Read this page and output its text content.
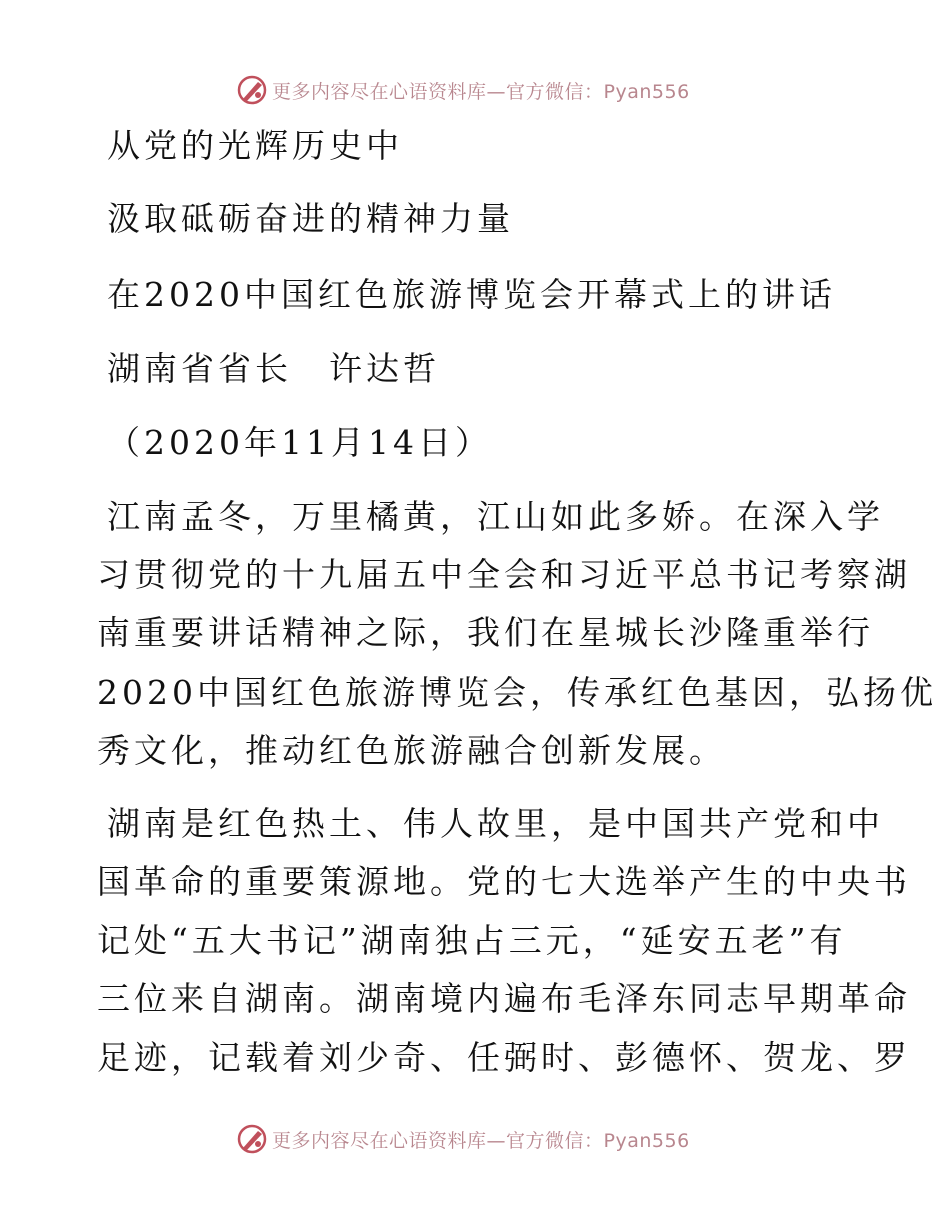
更多内容尽在心语资料库—官方微信：Pyan556
从党的光辉历史中
汲取砥砺奋进的精神力量
在2020中国红色旅游博览会开幕式上的讲话
湖南省省长　许达哲
（2020年11月14日）
江南孟冬，万里橘黄，江山如此多娇。在深入学
习贯彻党的十九届五中全会和习近平总书记考察湖
南重要讲话精神之际，我们在星城长沙隆重举行
2020中国红色旅游博览会，传承红色基因，弘扬优
秀文化，推动红色旅游融合创新发展。
湖南是红色热土、伟人故里，是中国共产党和中
国革命的重要策源地。党的七大选举产生的中央书
记处“五大书记”湖南独占三元，“延安五老”有
三位来自湖南。湖南境内遍布毛泽东同志早期革命
足迹，记载着刘少奇、任弼时、彭德怀、贺龙、罗
更多内容尽在心语资料库—官方微信：Pyan556
